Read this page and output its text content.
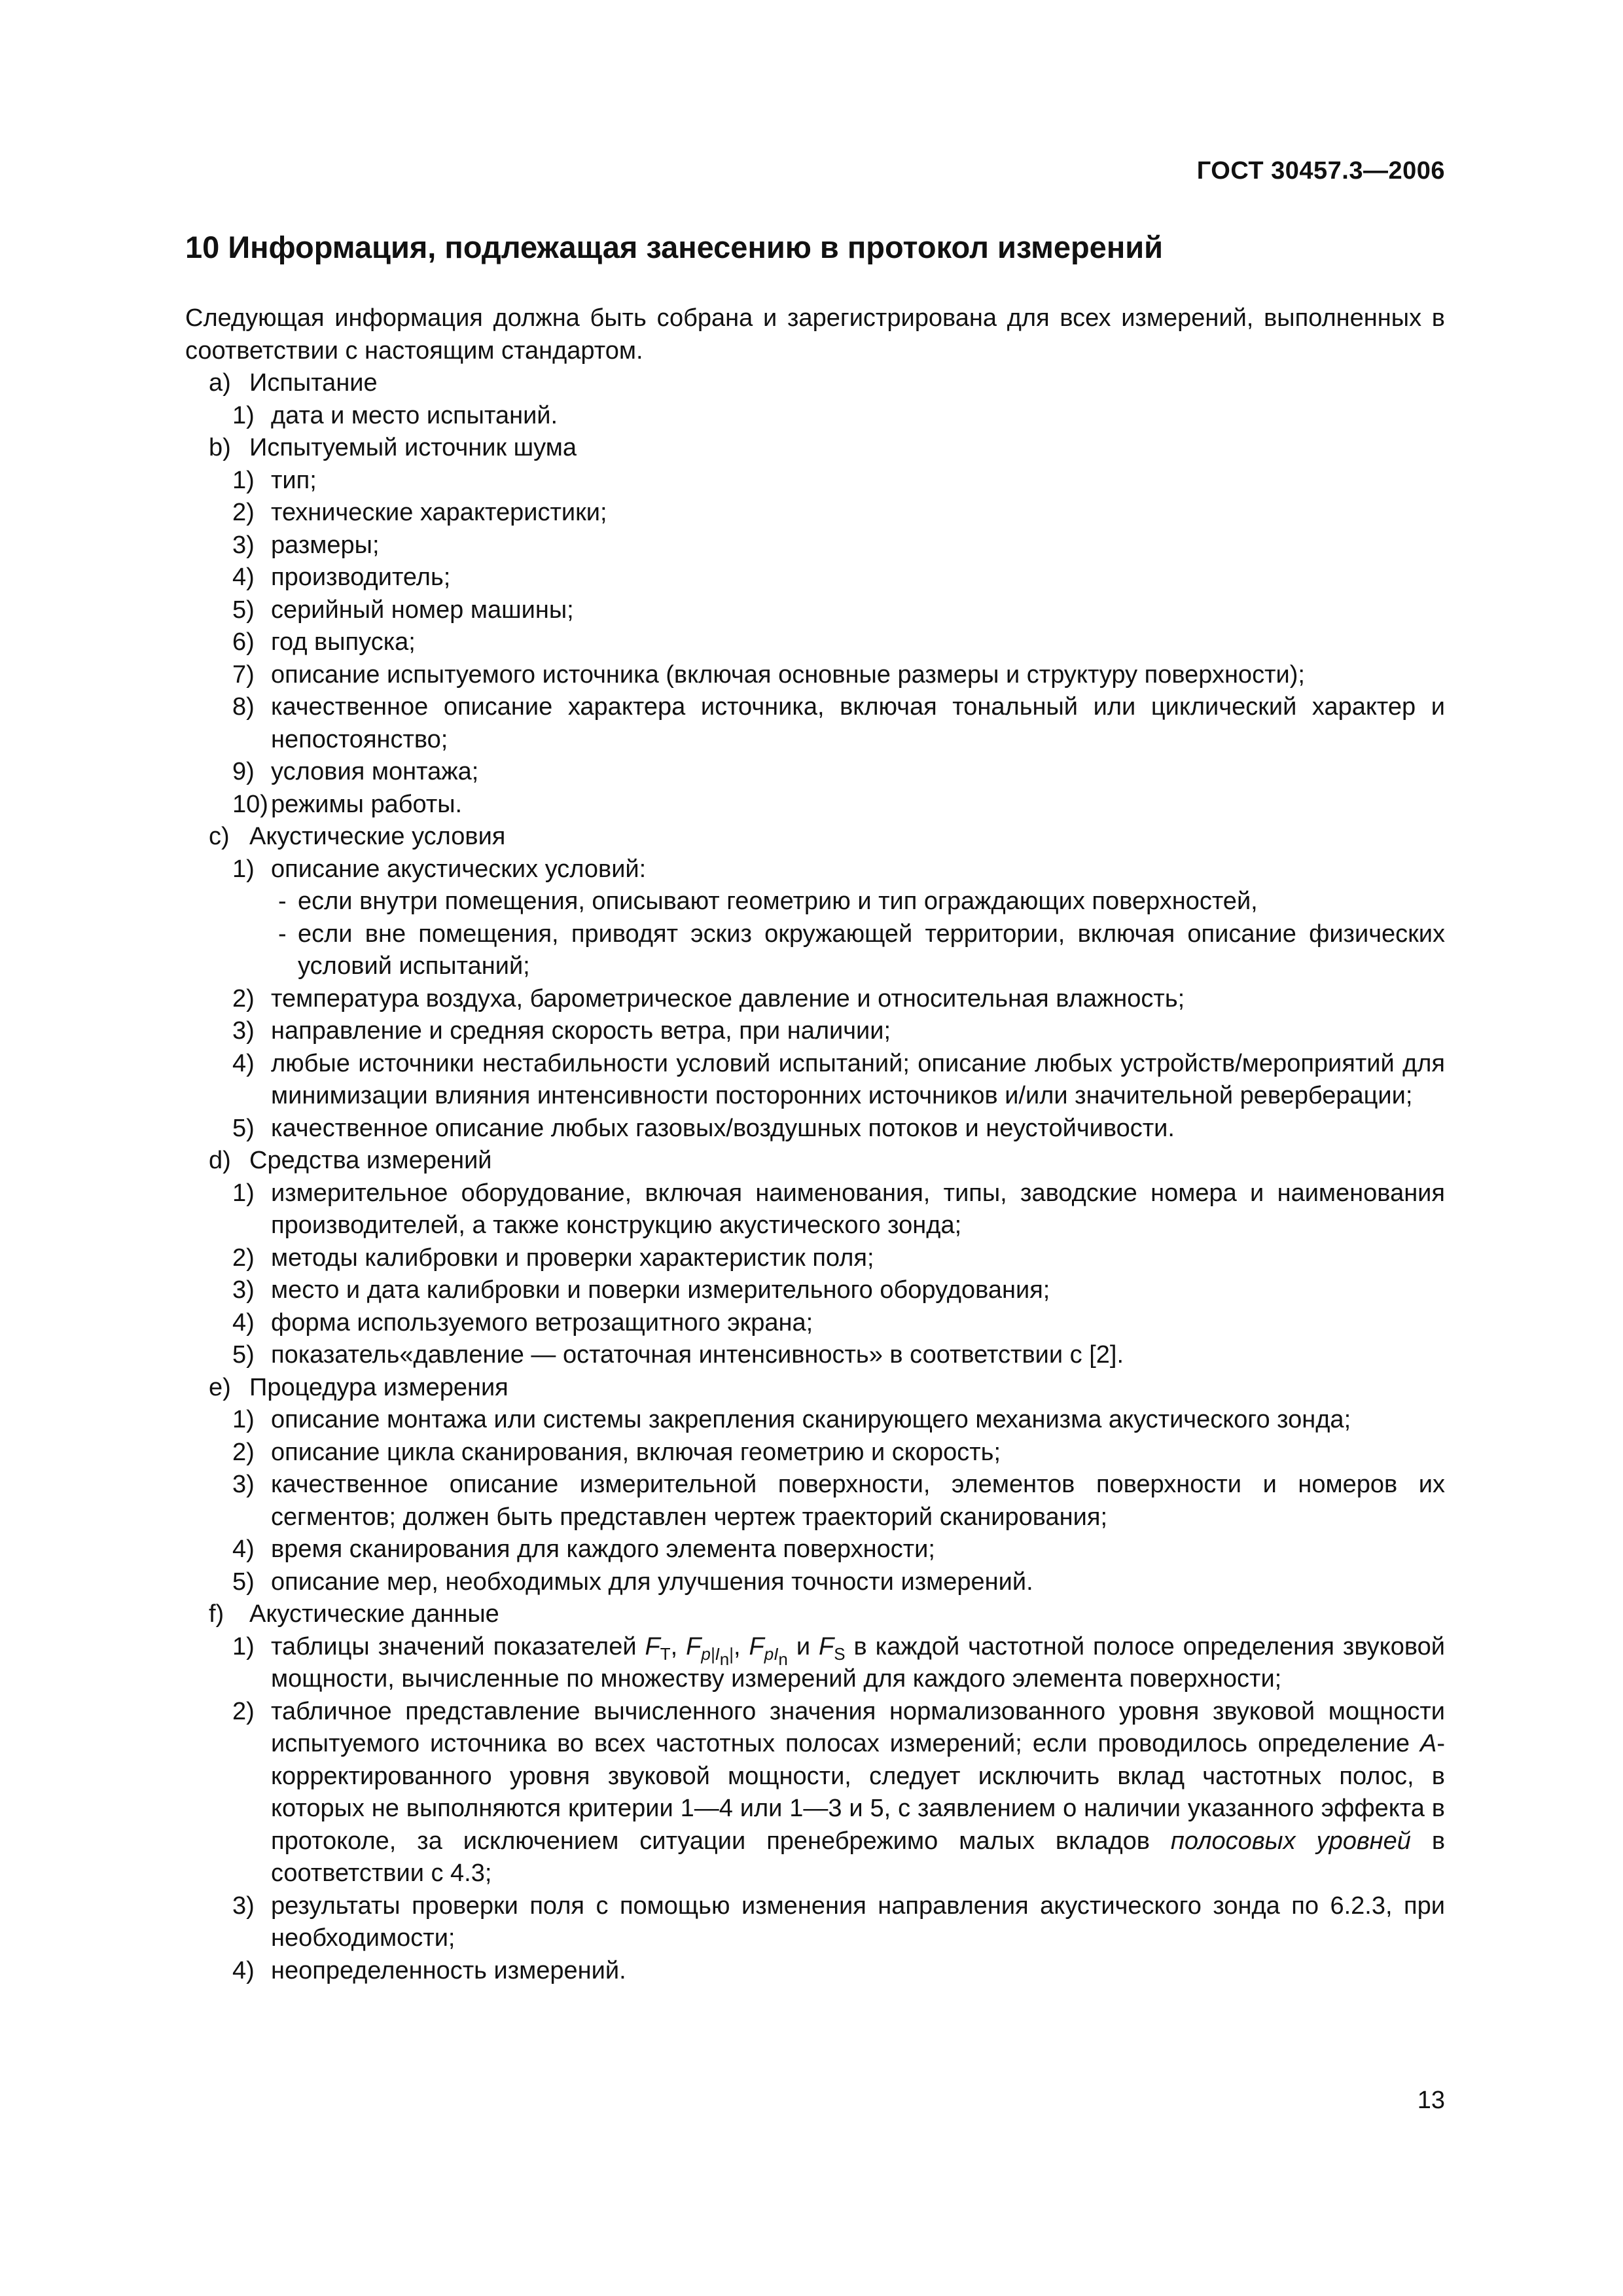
ГОСТ 30457.3—2006
10 Информация, подлежащая занесению в протокол измерений

Следующая информация должна быть собрана и зарегистрирована для всех измерений, выполненных в соответствии с настоящим стандартом.

a) Испытание
1) дата и место испытаний.
b) Испытуемый источник шума
1) тип;
2) технические характеристики;
3) размеры;
4) производитель;
5) серийный номер машины;
6) год выпуска;
7) описание испытуемого источника (включая основные размеры и структуру поверхности);
8) качественное описание характера источника, включая тональный или циклический характер и непостоянство;
9) условия монтажа;
10) режимы работы.
c) Акустические условия
1) описание акустических условий:
- если внутри помещения, описывают геометрию и тип ограждающих поверхностей,
- если вне помещения, приводят эскиз окружающей территории, включая описание физических условий испытаний;
2) температура воздуха, барометрическое давление и относительная влажность;
3) направление и средняя скорость ветра, при наличии;
4) любые источники нестабильности условий испытаний; описание любых устройств/мероприятий для минимизации влияния интенсивности посторонних источников и/или значительной реверберации;
5) качественное описание любых газовых/воздушных потоков и неустойчивости.
d) Средства измерений
1) измерительное оборудование, включая наименования, типы, заводские номера и наименования производителей, а также конструкцию акустического зонда;
2) методы калибровки и проверки характеристик поля;
3) место и дата калибровки и поверки измерительного оборудования;
4) форма используемого ветрозащитного экрана;
5) показатель«давление — остаточная интенсивность» в соответствии с [2].
e) Процедура измерения
1) описание монтажа или системы закрепления сканирующего механизма акустического зонда;
2) описание цикла сканирования, включая геометрию и скорость;
3) качественное описание измерительной поверхности, элементов поверхности и номеров их сегментов; должен быть представлен чертеж траекторий сканирования;
4) время сканирования для каждого элемента поверхности;
5) описание мер, необходимых для улучшения точности измерений.
f)	Акустические данные
1) таблицы значений показателей $F_T$, $F_{p|I_n|}$, $F_{pI_n}$ и $F_S$ в каждой частотной полосе определения звуковой мощности, вычисленные по множеству измерений для каждого элемента поверхности;
2) табличное представление вычисленного значения нормализованного уровня звуковой мощности испытуемого источника во всех частотных полосах измерений; если проводилось определение A-корректированного уровня звуковой мощности, следует исключить вклад частотных полос, в которых не выполняются критерии 1—4 или 1—3 и 5, с заявлением о наличии указанного эффекта в протоколе, за исключением ситуации пренебрежимо малых вкладов полосовых уровней в соответствии с 4.3;
3) результаты проверки поля с помощью изменения направления акустического зонда по 6.2.3, при необходимости;
4) неопределенность измерений.
13
